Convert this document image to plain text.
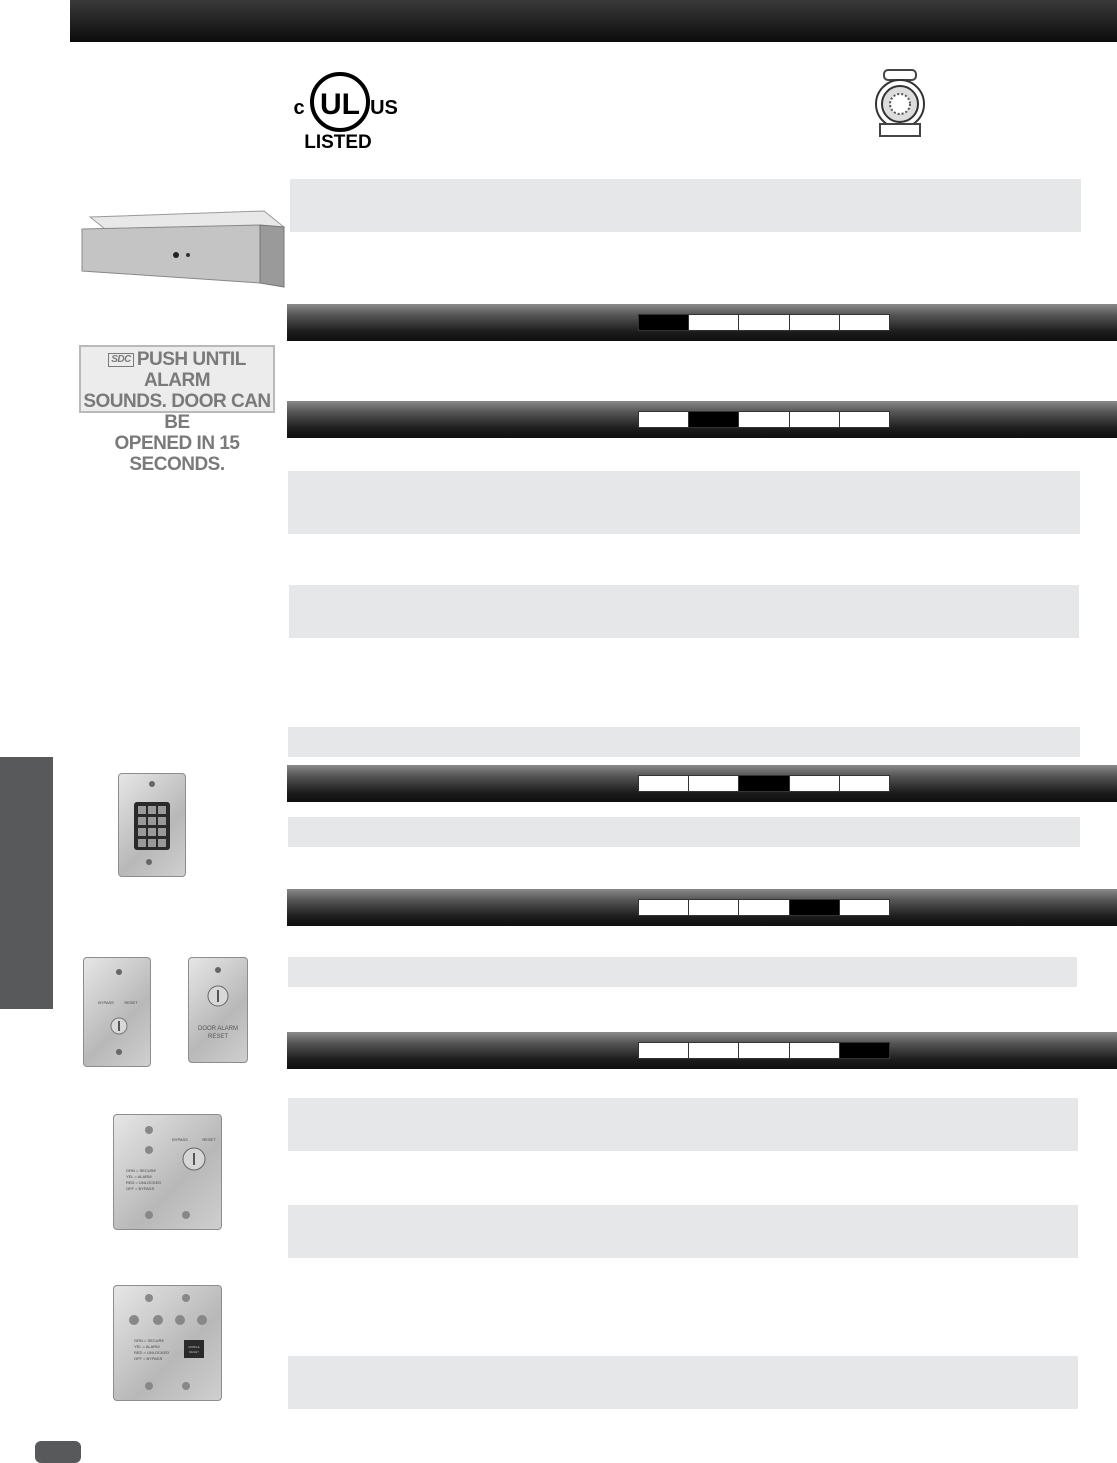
UL
c	US
LISTED
SDC PUSH UNTIL ALARM
SOUNDS. DOOR CAN BE
OPENED IN 15 SECONDS.
BYPASS	RESET
DOOR ALARM
RESET
BYPASS	RESET
GRN = SECURE
YEL = ALARM
RED = UNLOCKED
OFF = BYPASS
GRN = SECURE
YEL = ALARM
RED = UNLOCKED
OFF = BYPASS
MOBILE
RESET
